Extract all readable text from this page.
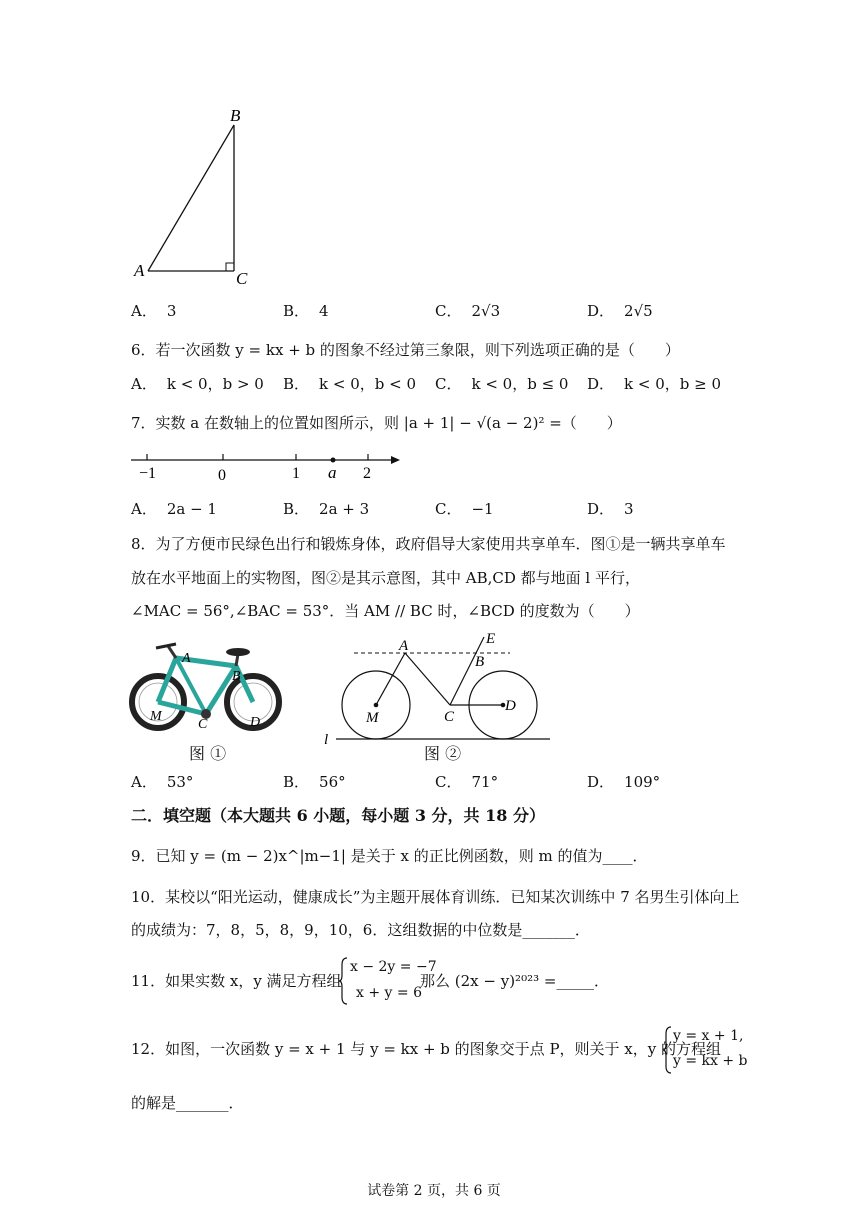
B
A	C
A． 3	B． 4	C． 2√3	D． 2√5
6．若一次函数 y = kx + b 的图象不经过第三象限，则下列选项正确的是（　　）
A． k < 0，b > 0 B． k < 0，b < 0 C． k < 0，b ≤ 0 D． k < 0，b ≥ 0
7．实数 a 在数轴上的位置如图所示，则 |a + 1| − √(a − 2)² =（　　）
−1	0	1 a 2
A． 2a − 1	B． 2a + 3	C． −1	D． 3
8．为了方便市民绿色出行和锻炼身体，政府倡导大家使用共享单车．图①是一辆共享单车
放在水平地面上的实物图，图②是其示意图，其中 AB,CD 都与地面 l 平行，
∠MAC = 56°,∠BAC = 53°．当 AM // BC 时，∠BCD 的度数为（　　）
A
B
M
C	D
图 ①
A	E
B
M	C
D
l
图 ②
A． 53°	B． 56°	C． 71°	D． 109°
二．填空题（本大题共 6 小题，每小题 3 分，共 18 分）
9．已知 y = (m − 2)x^|m−1| 是关于 x 的正比例函数，则 m 的值为____．
10．某校以“阳光运动，健康成长”为主题开展体育训练．已知某次训练中 7 名男生引体向上
的成绩为：7，8，5，8，9，10，6．这组数据的中位数是_______．
11．如果实数 x，y 满足方程组
x − 2y = −7
x + y = 6
那么 (2x − y)²⁰²³ =_____．
12．如图，一次函数 y = x + 1 与 y = kx + b 的图象交于点 P，则关于 x，y 的方程组
y = x + 1,
y = kx + b
的解是_______．
试卷第 2 页，共 6 页
